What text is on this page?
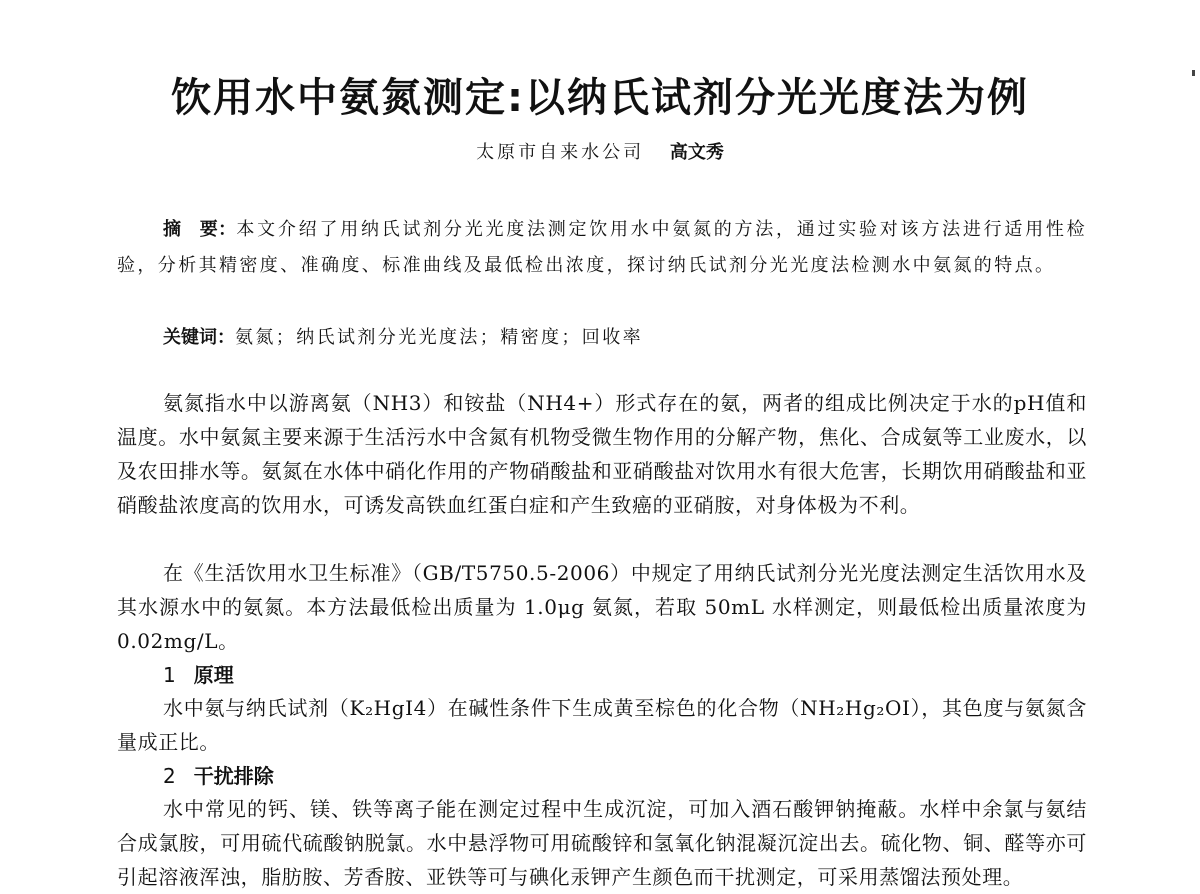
饮用水中氨氮测定:以纳氏试剂分光光度法为例
太原市自来水公司 高文秀

摘　要：本文介绍了用纳氏试剂分光光度法测定饮用水中氨氮的方法，通过实验对该方法进行适用性检验，分析其精密度、准确度、标准曲线及最低检出浓度，探讨纳氏试剂分光光度法检测水中氨氮的特点。

关键词：氨氮；纳氏试剂分光光度法；精密度；回收率

氨氮指水中以游离氨（NH3）和铵盐（NH4+）形式存在的氨，两者的组成比例决定于水的pH值和温度。水中氨氮主要来源于生活污水中含氮有机物受微生物作用的分解产物，焦化、合成氨等工业废水，以及农田排水等。氨氮在水体中硝化作用的产物硝酸盐和亚硝酸盐对饮用水有很大危害，长期饮用硝酸盐和亚硝酸盐浓度高的饮用水，可诱发高铁血红蛋白症和产生致癌的亚硝胺，对身体极为不利。

在《生活饮用水卫生标准》（GB/T5750.5-2006）中规定了用纳氏试剂分光光度法测定生活饮用水及其水源水中的氨氮。本方法最低检出质量为 1.0μg 氨氮，若取 50mL 水样测定，则最低检出质量浓度为 0.02mg/L。

1 原理

水中氨与纳氏试剂（K₂HgI4）在碱性条件下生成黄至棕色的化合物（NH₂Hg₂OI），其色度与氨氮含量成正比。

2 干扰排除

水中常见的钙、镁、铁等离子能在测定过程中生成沉淀，可加入酒石酸钾钠掩蔽。水样中余氯与氨结合成氯胺，可用硫代硫酸钠脱氯。水中悬浮物可用硫酸锌和氢氧化钠混凝沉淀出去。硫化物、铜、醛等亦可引起溶液浑浊，脂肪胺、芳香胺、亚铁等可与碘化汞钾产生颜色而干扰测定，可采用蒸馏法预处理。
